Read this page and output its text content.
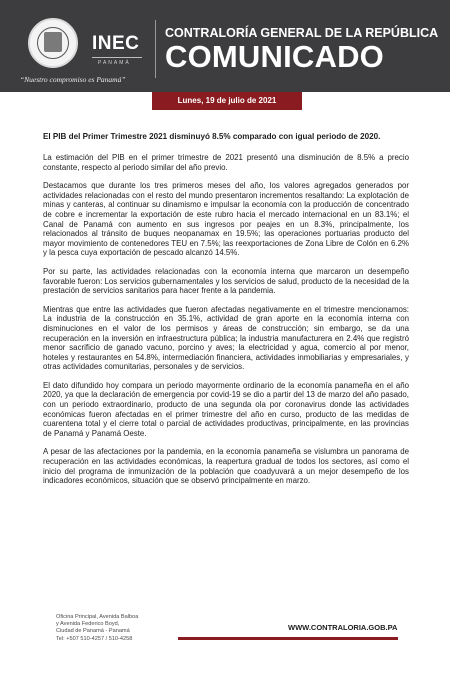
INEC
PANAMÁ
“Nuestro compromiso es Panamá”
CONTRALORÍA GENERAL DE LA REPÚBLICA
COMUNICADO
Lunes, 19 de julio de 2021
El PIB del Primer Trimestre 2021 disminuyó 8.5% comparado con igual periodo de 2020.

La estimación del PIB en el primer trimestre de 2021 presentó una disminución de 8.5% a precio constante, respecto al periodo similar del año previo.

Destacamos que durante los tres primeros meses del año, los valores agregados generados por actividades relacionadas con el resto del mundo presentaron incrementos resaltando: La explotación de minas y canteras, al continuar su dinamismo e impulsar la economía con la producción de concentrado de cobre e incrementar la exportación de este rubro hacia el mercado internacional en un 83.1%; el Canal de Panamá con aumento en sus ingresos por peajes en un 8.3%, principalmente, los relacionados al tránsito de buques neopanamax en 19.5%; las operaciones portuarias producto del mayor movimiento de contenedores TEU en 7.5%; las reexportaciones de Zona Libre de Colón en 6.2% y la pesca cuya exportación de pescado alcanzó 14.5%.

Por su parte, las actividades relacionadas con la economía interna que marcaron un desempeño favorable fueron: Los servicios gubernamentales y los servicios de salud, producto de la necesidad de la prestación de servicios sanitarios para hacer frente a la pandemia.

Mientras que entre las actividades que fueron afectadas negativamente en el trimestre mencionamos: La industria de la construcción en 35.1%, actividad de gran aporte en la economía interna con disminuciones en el valor de los permisos y áreas de construcción; sin embargo, se da una recuperación en la inversión en infraestructura pública; la industria manufacturera en 2.4% que registró menor sacrificio de ganado vacuno, porcino y aves; la electricidad y agua, comercio al por menor, hoteles y restaurantes en 54.8%, intermediación financiera, actividades inmobiliarias y empresariales, y otras actividades comunitarias, personales y de servicios.

El dato difundido hoy compara un periodo mayormente ordinario de la economía panameña en el año 2020, ya que la declaración de emergencia por covid-19 se dio a partir del 13 de marzo del año pasado, con un periodo extraordinario, producto de una segunda ola por coronavirus donde las actividades económicas fueron afectadas en el primer trimestre del año en curso, producto de las medidas de cuarentena total y el cierre total o parcial de actividades productivas, principalmente, en las provincias de Panamá y Panamá Oeste.

A pesar de las afectaciones por la pandemia, en la economía panameña se vislumbra un panorama de recuperación en las actividades económicas, la reapertura gradual de todos los sectores, así como el inicio del programa de inmunización de la población que coadyuvará a un mejor desempeño de los indicadores económicos, situación que se observó principalmente en marzo.

Oficina Principal, Avenida Balboa
y Avenida Federico Boyd,
Ciudad de Panamá - Panamá
Tel: +507 510-4257 / 510-4258
WWW.CONTRALORIA.GOB.PA
